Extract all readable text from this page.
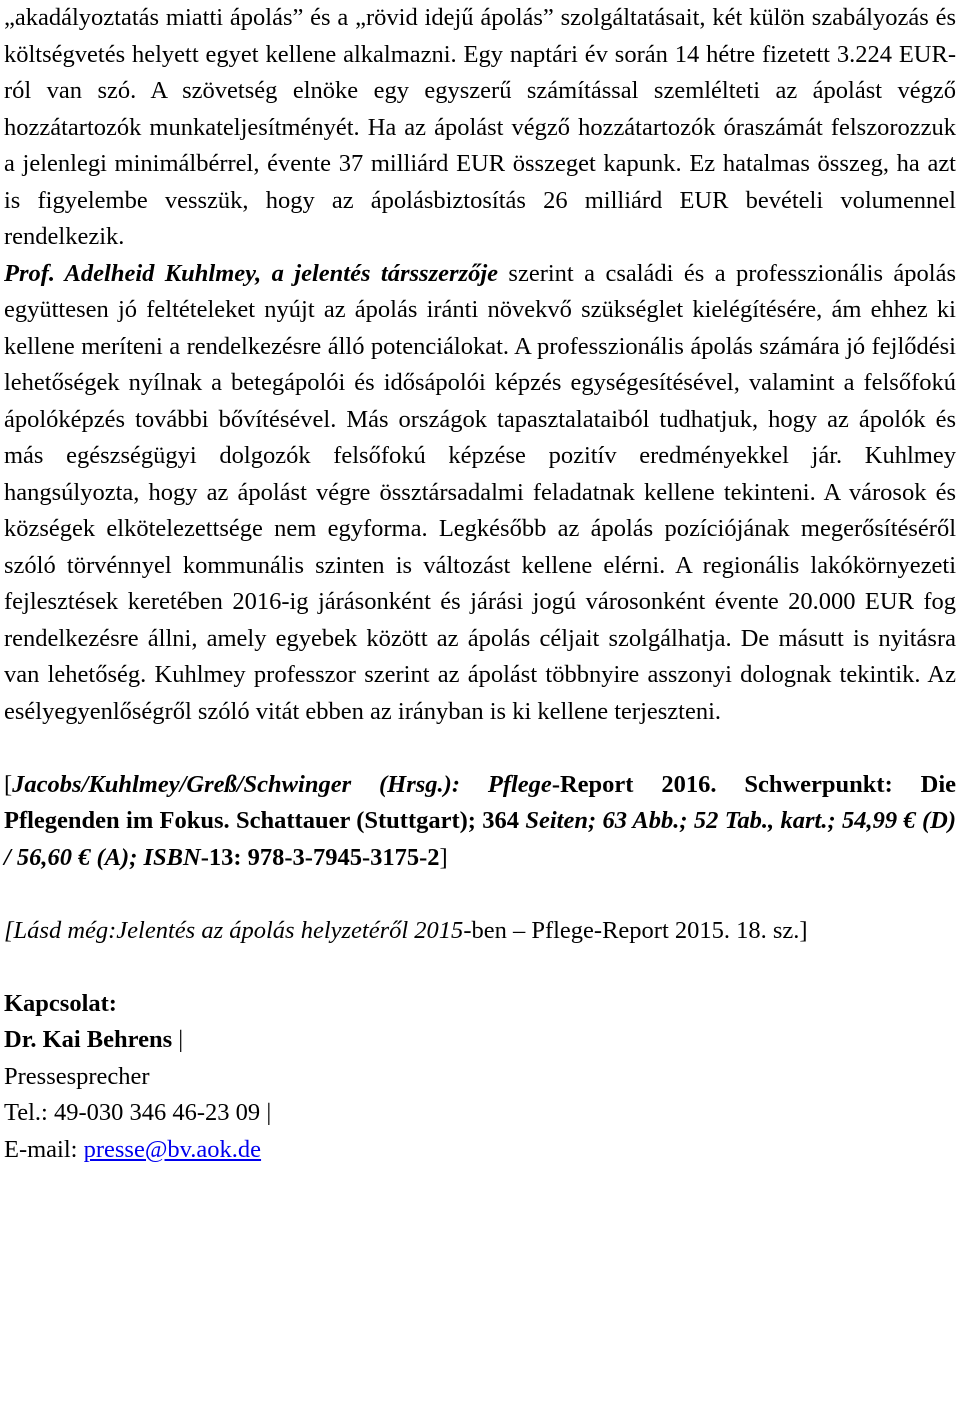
„akadályoztatás miatti ápolás” és a „rövid idejű ápolás” szolgáltatásait, két külön szabályozás és költségvetés helyett egyet kellene alkalmazni. Egy naptári év során 14 hétre fizetett 3.224 EUR-ról van szó. A szövetség elnöke egy egyszerű számítással szemlélteti az ápolást végző hozzátartozók munkateljesítményét. Ha az ápolást végző hozzátartozók óraszámát felszorozzuk a jelenlegi minimálbérrel, évente 37 milliárd EUR összeget kapunk. Ez hatalmas összeg, ha azt is figyelembe vesszük, hogy az ápolásbiztosítás 26 milliárd EUR bevételi volumennel rendelkezik.

Prof. Adelheid Kuhlmey, a jelentés társszerzője szerint a családi és a professzionális ápolás együttesen jó feltételeket nyújt az ápolás iránti növekvő szükséglet kielégítésére, ám ehhez ki kellene meríteni a rendelkezésre álló potenciálokat. A professzionális ápolás számára jó fejlődési lehetőségek nyílnak a betegápolói és idősápolói képzés egységesítésével, valamint a felsőfokú ápolóképzés további bővítésével. Más országok tapasztalataiból tudhatjuk, hogy az ápolók és más egészségügyi dolgozók felsőfokú képzése pozitív eredményekkel jár. Kuhlmey hangsúlyozta, hogy az ápolást végre össztársadalmi feladatnak kellene tekinteni. A városok és községek elkötelezettsége nem egyforma. Legkésőbb az ápolás pozíciójának megerősítéséről szóló törvénnyel kommunális szinten is változást kellene elérni. A regionális lakókörnyezeti fejlesztések keretében 2016-ig járásonként és járási jogú városonként évente 20.000 EUR fog rendelkezésre állni, amely egyebek között az ápolás céljait szolgálhatja. De másutt is nyitásra van lehetőség. Kuhlmey professzor szerint az ápolást többnyire asszonyi dolognak tekintik. Az esélyegyenlőségről szóló vitát ebben az irányban is ki kellene terjeszteni.

[Jacobs/Kuhlmey/Greß/Schwinger (Hrsg.): Pflege-Report 2016. Schwerpunkt: Die Pflegenden im Fokus. Schattauer (Stuttgart); 364 Seiten; 63 Abb.; 52 Tab., kart.; 54,99 € (D) / 56,60 € (A); ISBN-13: 978-3-7945-3175-2]

[Lásd még:Jelentés az ápolás helyzetéről 2015-ben – Pflege-Report 2015. 18. sz.]

Kapcsolat:
Dr. Kai Behrens |
Pressesprecher
Tel.: 49-030 346 46-23 09 |
E-mail: presse@bv.aok.de
